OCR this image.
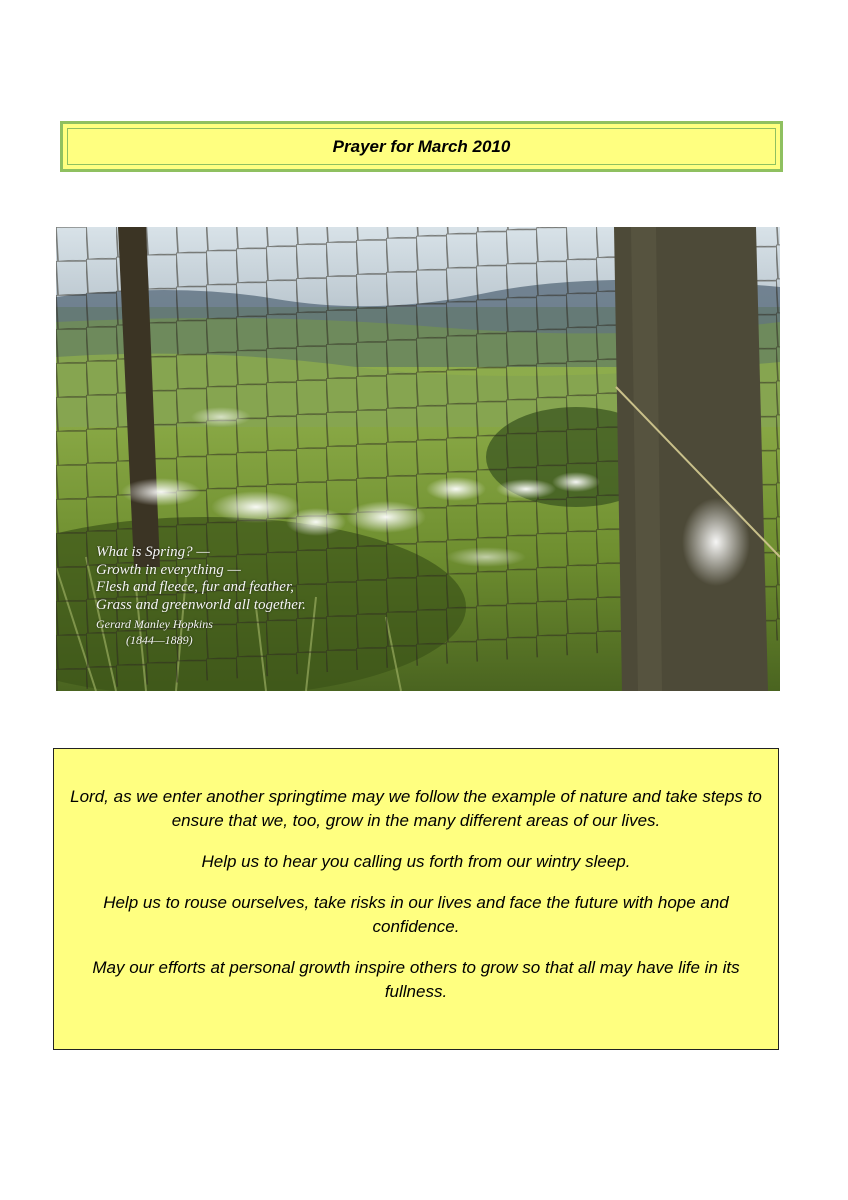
Prayer for March 2010
What is Spring? —
Growth in everything —
Flesh and fleece, fur and feather,
Grass and greenworld all together.
Gerard Manley Hopkins
(1844—1889)

Lord, as we enter another springtime may we follow the example of nature and take steps to ensure that we, too, grow in the many different areas of our lives.

Help us to hear you calling us forth from our wintry sleep.

Help us to rouse ourselves, take risks in our lives and face the future with hope and confidence.

May our efforts at personal growth inspire others to grow so that all may have life in its fullness.
